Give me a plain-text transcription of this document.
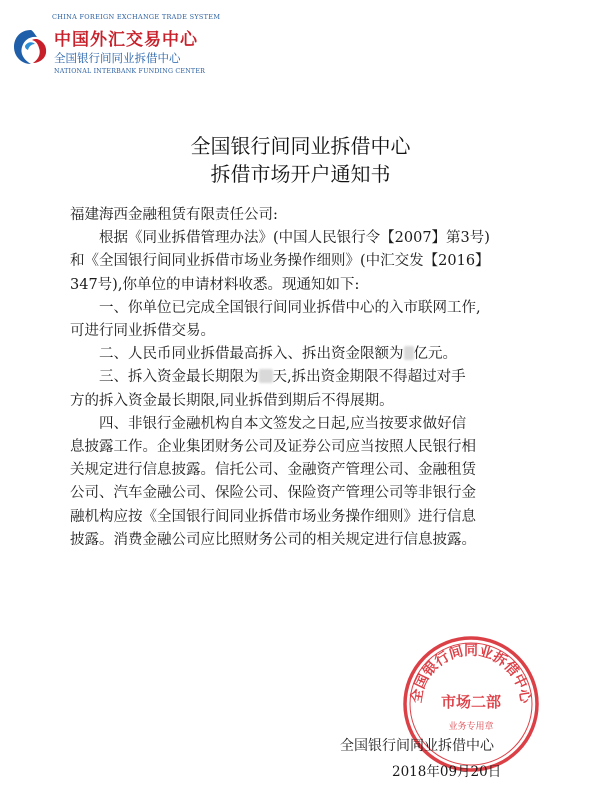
CHINA FOREIGN EXCHANGE TRADE SYSTEM
中国外汇交易中心
全国银行间同业拆借中心
NATIONAL INTERBANK FUNDING CENTER
全国银行间同业拆借中心
拆借市场开户通知书

福建海西金融租赁有限责任公司:

根据《同业拆借管理办法》(中国人民银行令【2007】第3号)

和《全国银行间同业拆借市场业务操作细则》(中汇交发【2016】

347号),你单位的申请材料收悉。现通知如下:

一、你单位已完成全国银行间同业拆借中心的入市联网工作,

可进行同业拆借交易。

二、人民币同业拆借最高拆入、拆出资金限额为 亿元。

三、拆入资金最长期限为 天,拆出资金期限不得超过对手

方的拆入资金最长期限,同业拆借到期后不得展期。

四、非银行金融机构自本文签发之日起,应当按要求做好信

息披露工作。企业集团财务公司及证券公司应当按照人民银行相

关规定进行信息披露。信托公司、金融资产管理公司、金融租赁

公司、汽车金融公司、保险公司、保险资产管理公司等非银行金

融机构应按《全国银行间同业拆借市场业务操作细则》进行信息

披露。消费金融公司应比照财务公司的相关规定进行信息披露。

全国银行间同业拆借中心
市场二部
业务专用章
全国银行间同业拆借中心
2018年09月20日
